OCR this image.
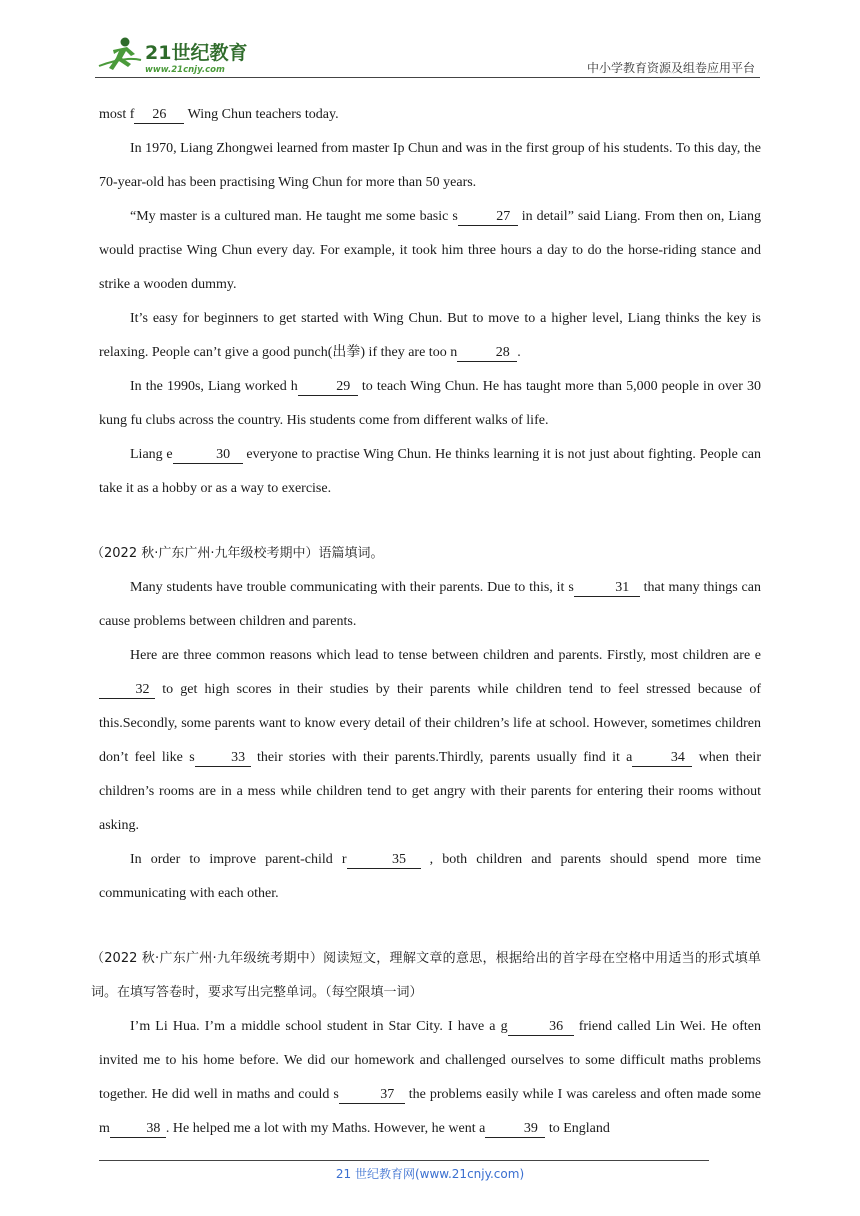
21世纪教育
www.21cnjy.com	中小学教育资源及组卷应用平台

most f 26 Wing Chun teachers today.

In 1970, Liang Zhongwei learned from master Ip Chun and was in the first group of his students. To this day, the 70-year-old has been practising Wing Chun for more than 50 years.

“My master is a cultured man. He taught me some basic s	27 in detail” said Liang. From then on, Liang would practise Wing Chun every day. For example, it took him three hours a day to do the horse-riding stance and strike a wooden dummy.

It’s easy for beginners to get started with Wing Chun. But to move to a higher level, Liang thinks the key is relaxing. People can’t give a good punch(出拳) if they are too n	28 .

In the 1990s, Liang worked h	29 to teach Wing Chun. He has taught more than 5,000 people in over 30 kung fu clubs across the country. His students come from different walks of life.

Liang e	30 everyone to practise Wing Chun. He thinks learning it is not just about fighting. People can take it as a hobby or as a way to exercise.

（2022 秋·广东广州·九年级校考期中）语篇填词。

Many students have trouble communicating with their parents. Due to this, it s	31 that many things can cause problems between children and parents.

Here are three common reasons which lead to tense between children and parents. Firstly, most children are e32 to get high scores in their studies by their parents while children tend to feel stressed because of this.Secondly, some parents want to know every detail of their children’s life at school. However, sometimes children don’t feel like s	33 their stories with their parents.Thirdly, parents usually find it a	34 when their children’s rooms are in a mess while children tend to get angry with their parents for entering their rooms without asking.

In order to improve parent-child r	35 , both children and parents should spend more time communicating with each other.

（2022 秋·广东广州·九年级统考期中）阅读短文，理解文章的意思，根据给出的首字母在空格中用适当的形式填单词。在填写答卷时，要求写出完整单词。（每空限填一词）

I’m Li Hua. I’m a middle school student in Star City. I have a g	36 friend called Lin Wei. He often invited me to his home before. We did our homework and challenged ourselves to some difficult maths problems together. He did well in maths and could s	37 the problems easily while I was careless and often made some m	38 . He helped me a lot with my Maths. However, he went a	39 to England

21 世纪教育网(www.21cnjy.com)
